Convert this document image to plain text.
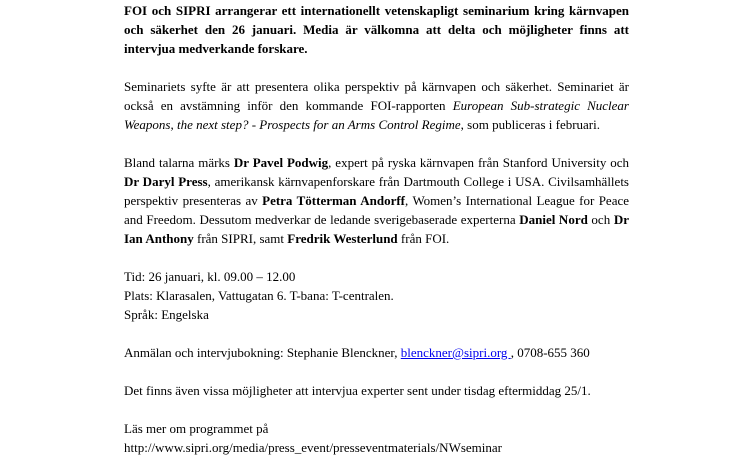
FOI och SIPRI arrangerar ett internationellt vetenskapligt seminarium kring kärnvapen och säkerhet den 26 januari. Media är välkomna att delta och möjligheter finns att intervjua medverkande forskare.

Seminariets syfte är att presentera olika perspektiv på kärnvapen och säkerhet. Seminariet är också en avstämning inför den kommande FOI-rapporten European Sub-strategic Nuclear Weapons, the next step? - Prospects for an Arms Control Regime, som publiceras i februari.

Bland talarna märks Dr Pavel Podwig, expert på ryska kärnvapen från Stanford University och Dr Daryl Press, amerikansk kärnvapenforskare från Dartmouth College i USA. Civilsamhällets perspektiv presenteras av Petra Tötterman Andorff, Women’s International League for Peace and Freedom. Dessutom medverkar de ledande sverigebaserade experterna Daniel Nord och Dr Ian Anthony från SIPRI, samt Fredrik Westerlund från FOI.

Tid: 26 januari, kl. 09.00 – 12.00

Plats: Klarasalen, Vattugatan 6. T-bana: T-centralen.

Språk: Engelska

Anmälan och intervjubokning: Stephanie Blenckner, blenckner@sipri.org , 0708-655 360

Det finns även vissa möjligheter att intervjua experter sent under tisdag eftermiddag 25/1.

Läs mer om programmet på

http://www.sipri.org/media/press_event/presseventmaterials/NWseminar
